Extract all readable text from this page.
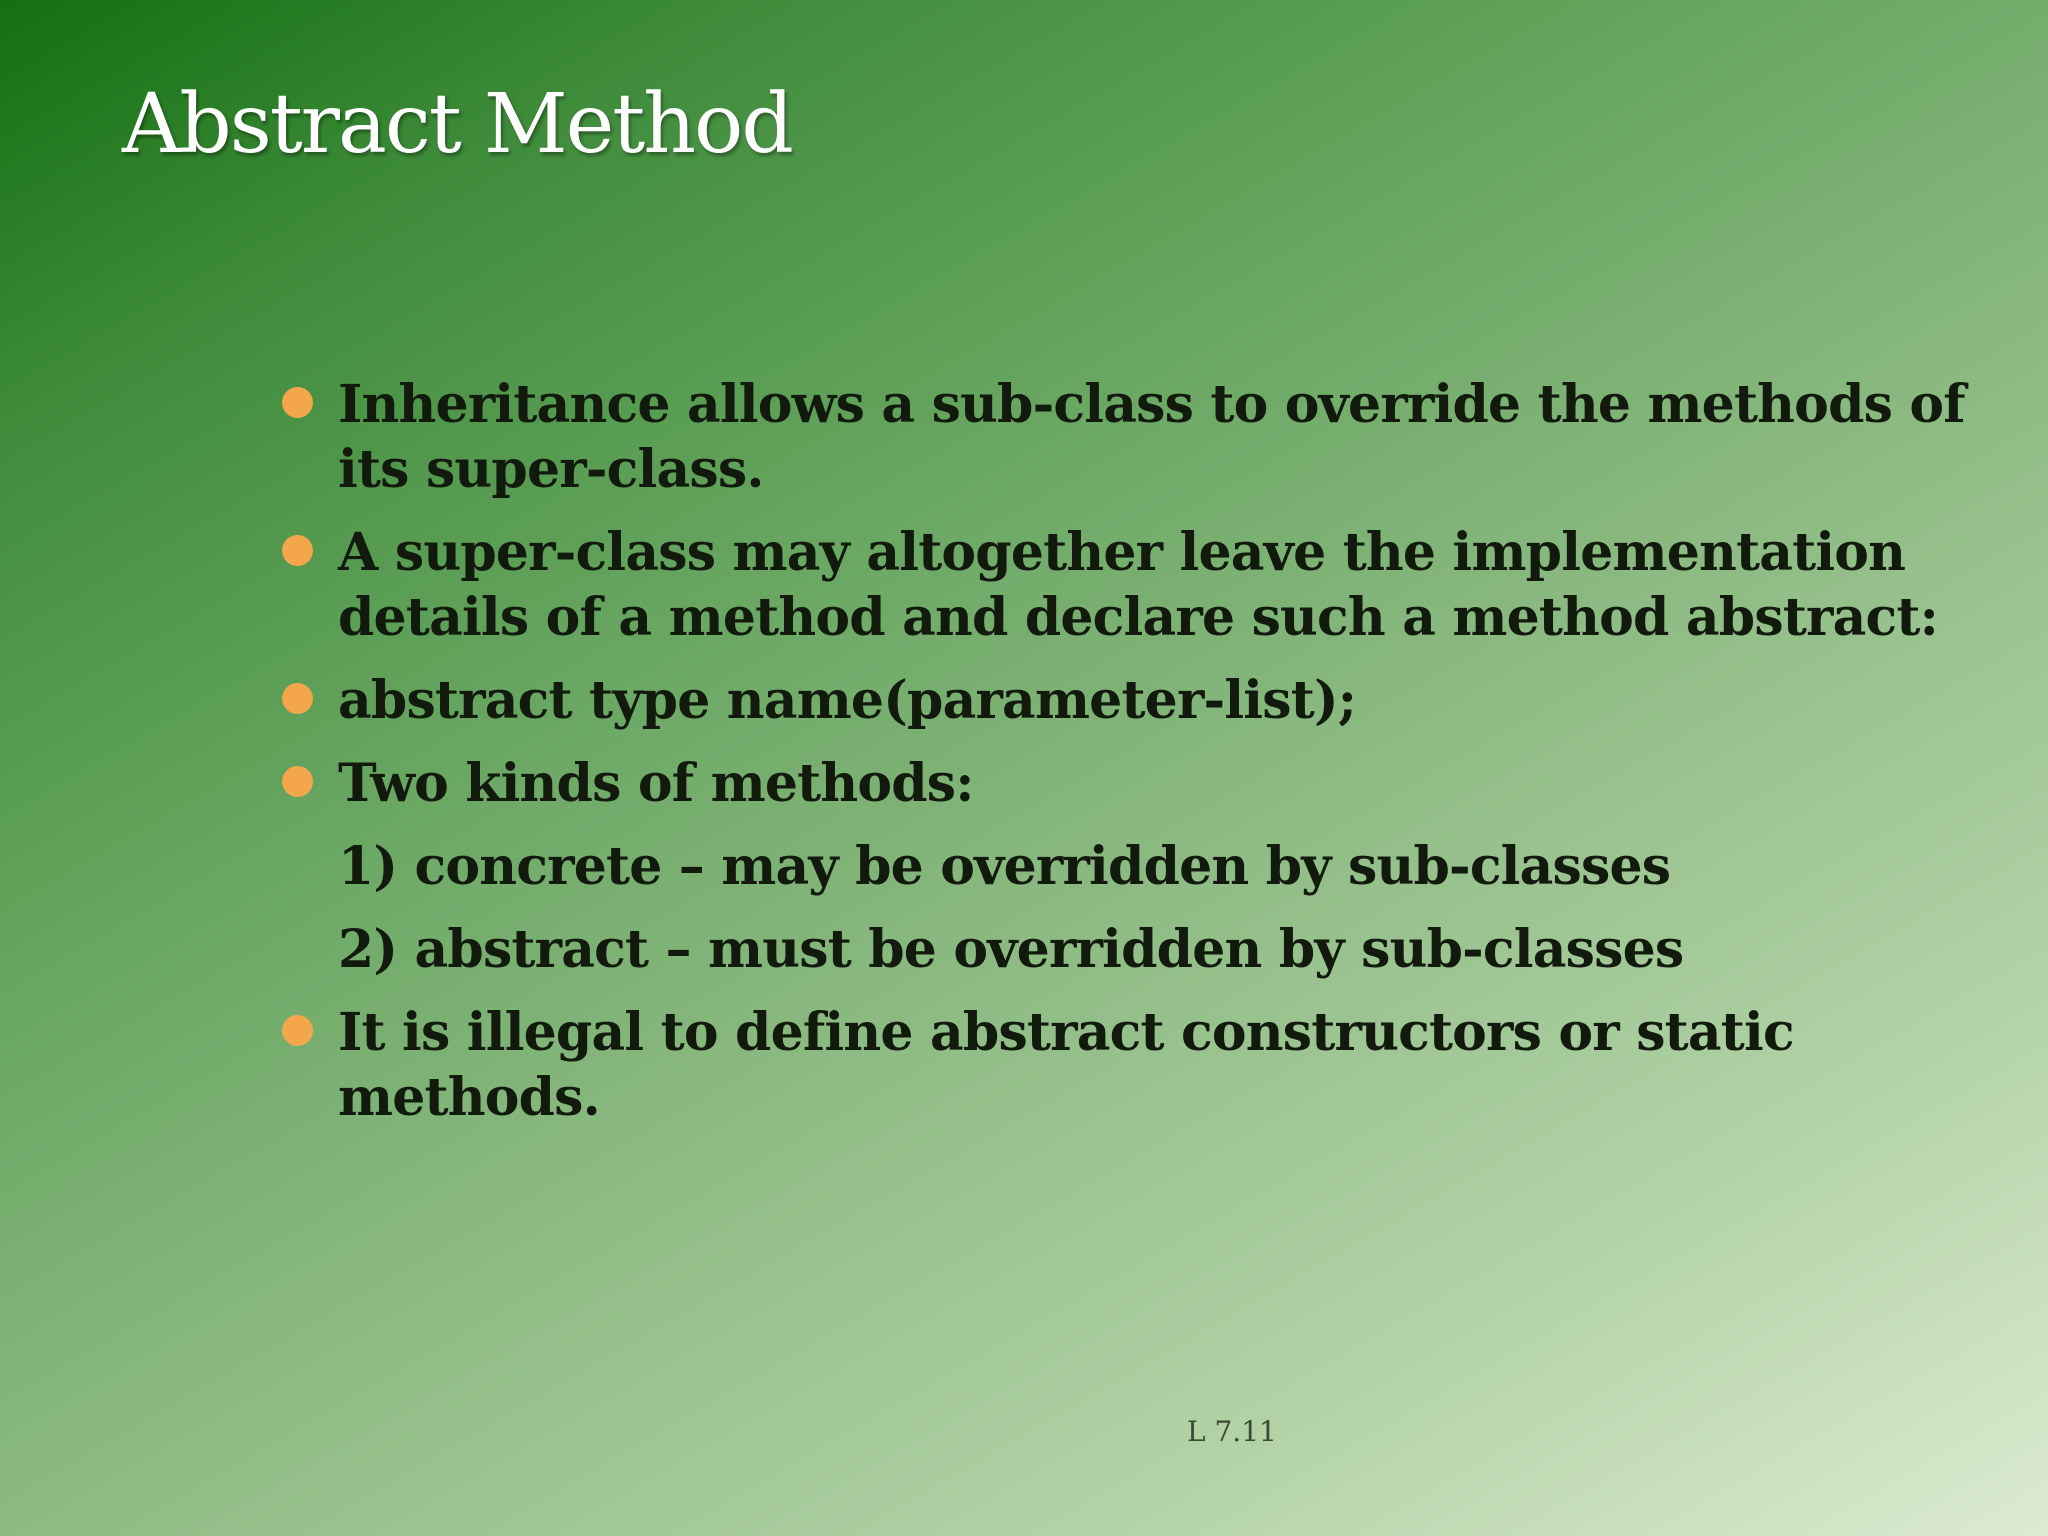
Abstract Method
Inheritance allows a sub-class to override the methods of its super-class.
A super-class may altogether leave the implementation details of a method and declare such a method abstract:
abstract type name(parameter-list);
Two kinds of methods:
1) concrete – may be overridden by sub-classes
2) abstract – must be overridden by sub-classes
It is illegal to define abstract constructors or static methods.
L 7.11
